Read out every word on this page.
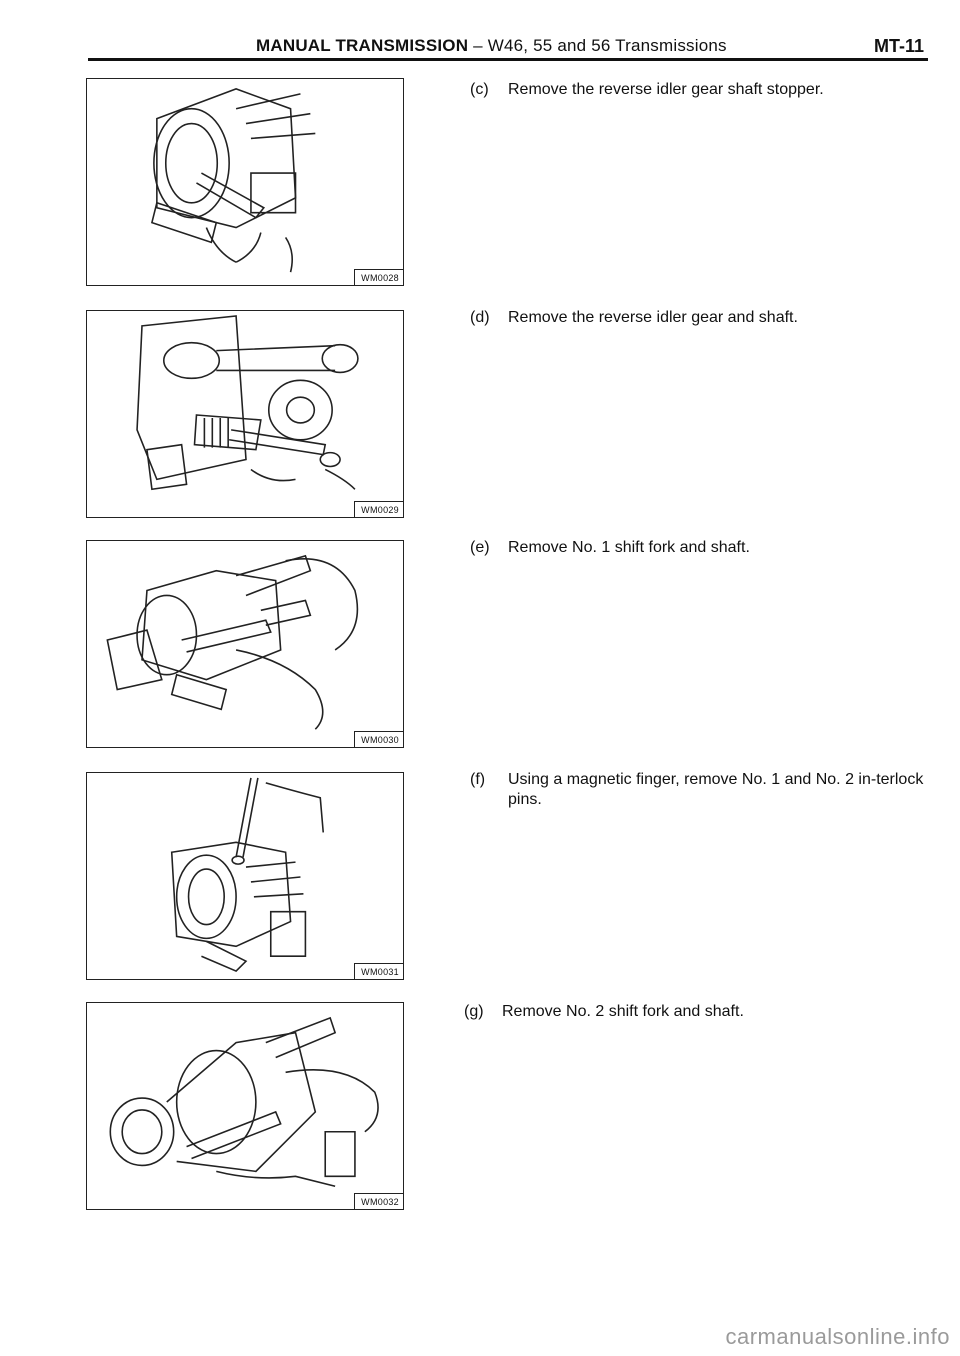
MANUAL TRANSMISSION – W46, 55 and 56 Transmissions	MT-11
WM0028
WM0029
WM0030
WM0031
WM0032
(c) Remove the reverse idler gear shaft stopper.
(d) Remove the reverse idler gear and shaft.
(e) Remove No. 1 shift fork and shaft.
(f) Using a magnetic finger, remove No. 1 and No. 2 in-terlock pins.
(g) Remove No. 2 shift fork and shaft.
carmanualsonline.info
